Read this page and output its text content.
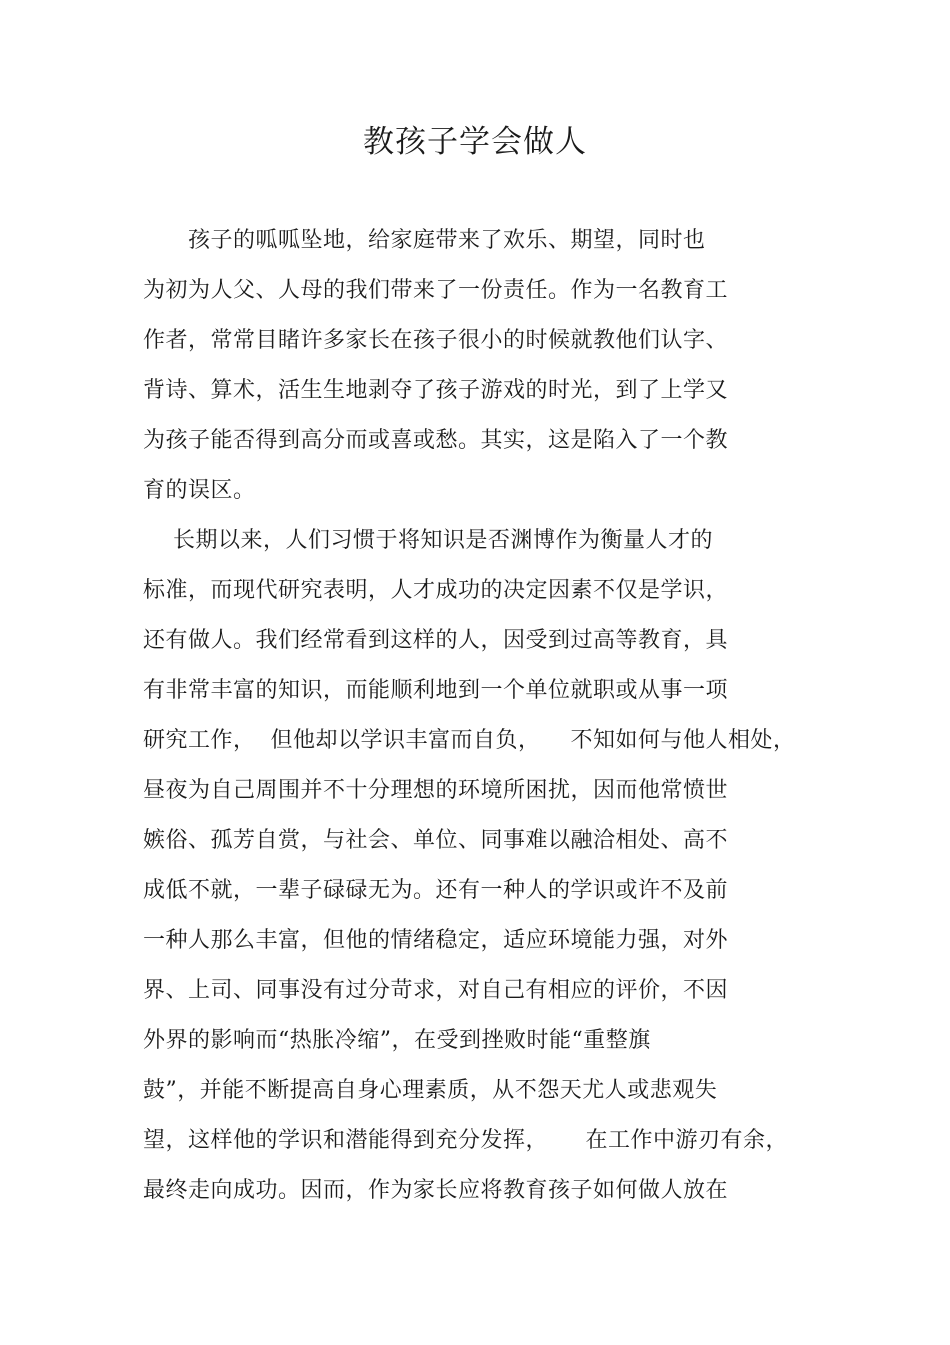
教孩子学会做人
孩子的呱呱坠地，给家庭带来了欢乐、期望，同时也
为初为人父、人母的我们带来了一份责任。作为一名教育工
作者，常常目睹许多家长在孩子很小的时候就教他们认字、
背诗、算术，活生生地剥夺了孩子游戏的时光，到了上学又
为孩子能否得到高分而或喜或愁。其实，这是陷入了一个教
育的误区。
长期以来，人们习惯于将知识是否渊博作为衡量人才的
标准，而现代研究表明，人才成功的决定因素不仅是学识，
还有做人。我们经常看到这样的人，因受到过高等教育，具
有非常丰富的知识，而能顺利地到一个单位就职或从事一项
研究工作，  但他却以学识丰富而自负，    不知如何与他人相处，
昼夜为自己周围并不十分理想的环境所困扰，因而他常愤世
嫉俗、孤芳自赏，与社会、单位、同事难以融洽相处、高不
成低不就，一辈子碌碌无为。还有一种人的学识或许不及前
一种人那么丰富，但他的情绪稳定，适应环境能力强，对外
界、上司、同事没有过分苛求，对自己有相应的评价，不因
外界的影响而“热胀冷缩”，在受到挫败时能“重整旗
鼓”，并能不断提高自身心理素质，从不怨天尤人或悲观失
望，这样他的学识和潜能得到充分发挥，     在工作中游刃有余，
最终走向成功。因而，作为家长应将教育孩子如何做人放在
